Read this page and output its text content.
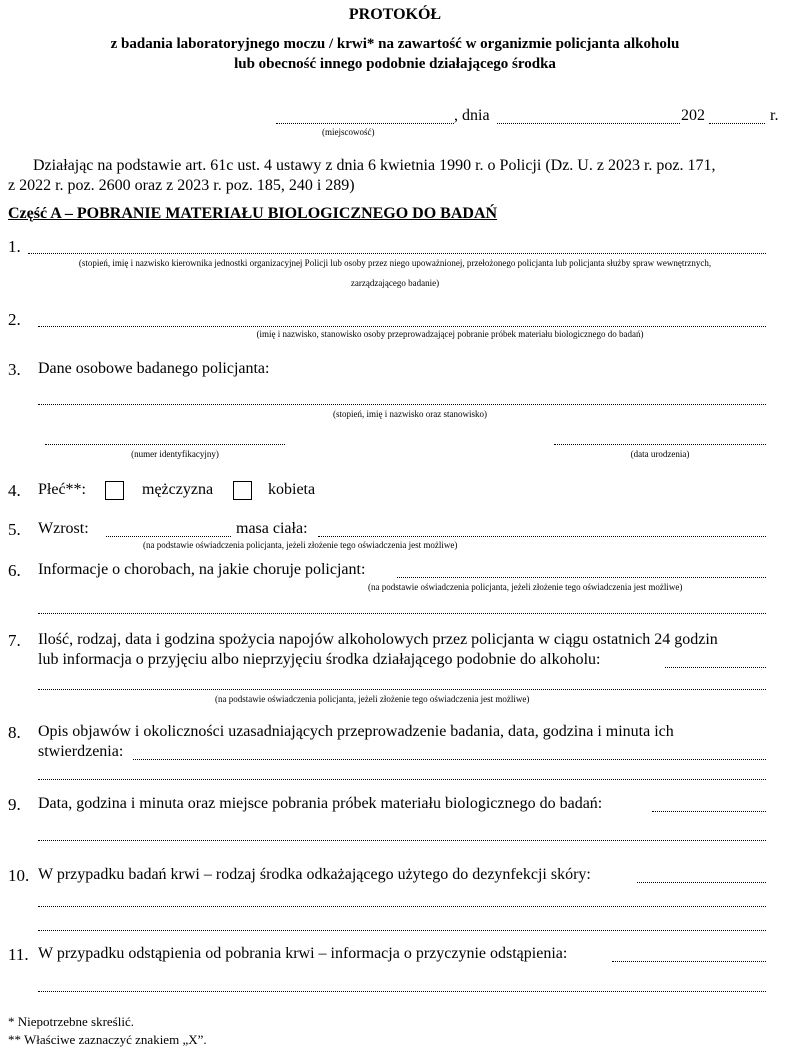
PROTOKÓŁ
z badania laboratoryjnego moczu / krwi* na zawartość w organizmie policjanta alkoholu
lub obecność innego podobnie działającego środka
(miejscowość)
, dnia	202	r.
Działając na podstawie art. 61c ust. 4 ustawy z dnia 6 kwietnia 1990 r. o Policji (Dz. U. z 2023 r. poz. 171,
z 2022 r. poz. 2600 oraz z 2023 r. poz. 185, 240 i 289)
Część A – POBRANIE MATERIAŁU BIOLOGICZNEGO DO BADAŃ
1.
(stopień, imię i nazwisko kierownika jednostki organizacyjnej Policji lub osoby przez niego upoważnionej, przełożonego policjanta lub policjanta służby spraw wewnętrznych,
zarządzającego badanie)
2.
(imię i nazwisko, stanowisko osoby przeprowadzającej pobranie próbek materiału biologicznego do badań)
3. Dane osobowe badanego policjanta:
(stopień, imię i nazwisko oraz stanowisko)
(numer identyfikacyjny)	(data urodzenia)
4. Płeć**:	mężczyzna	kobieta
5. Wzrost:	masa ciała:
(na podstawie oświadczenia policjanta, jeżeli złożenie tego oświadczenia jest możliwe)
6. Informacje o chorobach, na jakie choruje policjant:
(na podstawie oświadczenia policjanta, jeżeli złożenie tego oświadczenia jest możliwe)
7. Ilość, rodzaj, data i godzina spożycia napojów alkoholowych przez policjanta w ciągu ostatnich 24 godzin
lub informacja o przyjęciu albo nieprzyjęciu środka działającego podobnie do alkoholu:
(na podstawie oświadczenia policjanta, jeżeli złożenie tego oświadczenia jest możliwe)
8. Opis objawów i okoliczności uzasadniających przeprowadzenie badania, data, godzina i minuta ich
stwierdzenia:
9. Data, godzina i minuta oraz miejsce pobrania próbek materiału biologicznego do badań:
10. W przypadku badań krwi – rodzaj środka odkażającego użytego do dezynfekcji skóry:
11. W przypadku odstąpienia od pobrania krwi – informacja o przyczynie odstąpienia:
* Niepotrzebne skreślić.
** Właściwe zaznaczyć znakiem „X”.
